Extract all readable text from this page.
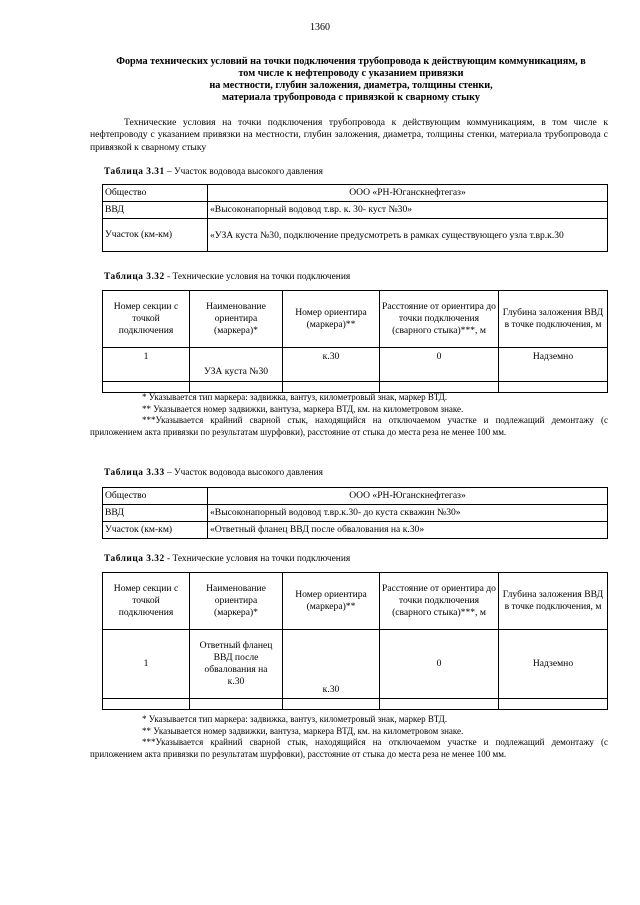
1360
Форма технических условий на точки подключения трубопровода к действующим коммуникациям, в
том числе к нефтепроводу с указанием привязки
на местности, глубин заложения, диаметра, толщины стенки,
материала трубопровода с привязкой к сварному стыку
Технические условия на точки подключения трубопровода к действующим коммуникациям, в том числе к нефтепроводу с указанием привязки на местности, глубин заложения, диаметра, толщины стенки, материала трубопровода с привязкой к сварному стыку
Таблица 3.31 – Участок водовода высокого давления
Общество	ООО «РН-Юганскнефтегаз»
ВВД	«Высоконапорный водовод т.вр. к. 30- куст №30»
Участок (км-км)	«УЗА куста №30, подключение предусмотреть в рамках существующего узла т.вр.к.30
Таблица 3.32 - Технические условия на точки подключения
Номер секции с точкой подключения	Наименование ориентира (маркера)*	Номер ориентира (маркера)**	Расстояние от ориентира до точки подключения (сварного стыка)***, м	Глубина заложения ВВД в точке подключения, м
1	УЗА куста №30	к.30	0	Надземно

* Указывается тип маркера: задвижка, вантуз, километровый знак, маркер ВТД.
** Указывается номер задвижки, вантуза, маркера ВТД, км. на километровом знаке.
***Указывается крайний сварной стык, находящийся на отключаемом участке и подлежащий демонтажу (с приложением акта привязки по результатам шурфовки), расстояние от стыка до места реза не менее 100 мм.
Таблица 3.33 – Участок водовода высокого давления
Общество	ООО «РН-Юганскнефтегаз»
ВВД	«Высоконапорный водовод т.вр.к.30- до куста скважин №30»
Участок (км-км)	«Ответный фланец ВВД после обвалования на к.30»
Таблица 3.32 - Технические условия на точки подключения
Номер секции с точкой подключения	Наименование ориентира (маркера)*	Номер ориентира (маркера)**	Расстояние от ориентира до точки подключения (сварного стыка)***, м	Глубина заложения ВВД в точке подключения, м
1	Ответный фланец ВВД после обвалования на к.30	к.30	0	Надземно

* Указывается тип маркера: задвижка, вантуз, километровый знак, маркер ВТД.
** Указывается номер задвижки, вантуза, маркера ВТД, км. на километровом знаке.
***Указывается крайний сварной стык, находящийся на отключаемом участке и подлежащий демонтажу (с приложением акта привязки по результатам шурфовки), расстояние от стыка до места реза не менее 100 мм.
